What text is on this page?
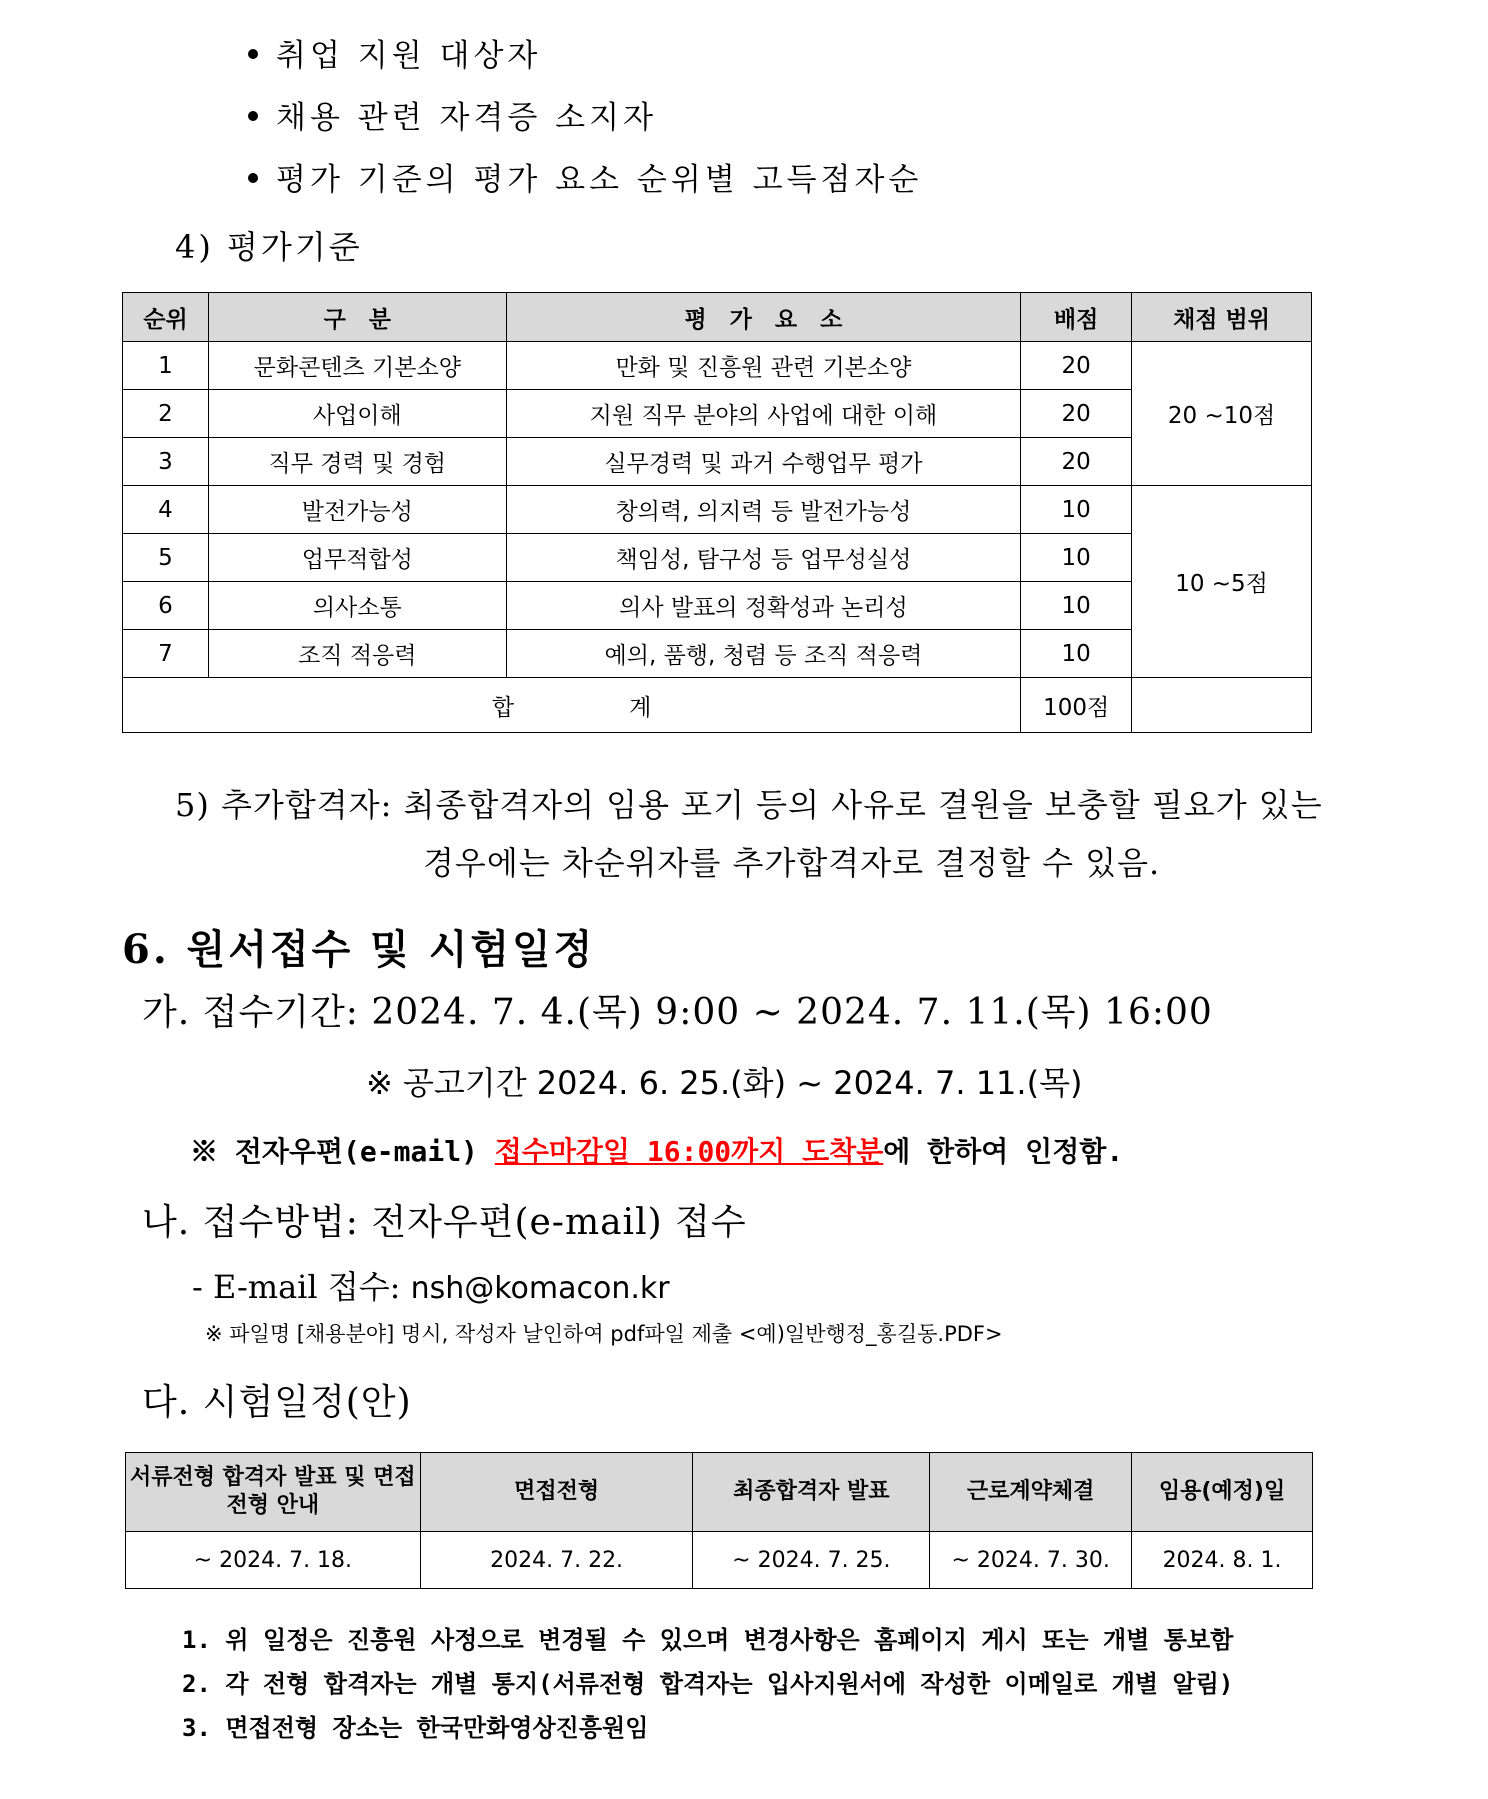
취업 지원 대상자
채용 관련 자격증 소지자
평가 기준의 평가 요소 순위별 고득점자순
4) 평가기준
순위	구　분	평　가　요　소	배점	채점 범위
1	문화콘텐츠 기본소양	만화 및 진흥원 관련 기본소양	20	20 ~10점
2	사업이해	지원 직무 분야의 사업에 대한 이해	20	
3	직무 경력 및 경험	실무경력 및 과거 수행업무 평가	20	
4	발전가능성	창의력, 의지력 등 발전가능성	10	10 ~5점
5	업무적합성	책임성, 탐구성 등 업무성실성	10	
6	의사소통	의사 발표의 정확성과 논리성	10	
7	조직 적응력	예의, 품행, 청렴 등 조직 적응력	10	
합　　　　　계			100점	
5) 추가합격자: 최종합격자의 임용 포기 등의 사유로 결원을 보충할 필요가 있는
경우에는 차순위자를 추가합격자로 결정할 수 있음.
6. 원서접수 및 시험일정
가. 접수기간: 2024. 7. 4.(목) 9:00 ~ 2024. 7. 11.(목) 16:00
※ 공고기간 2024. 6. 25.(화) ~ 2024. 7. 11.(목)
※ 전자우편(e-mail) 접수마감일 16:00까지 도착분에 한하여 인정함.
나. 접수방법: 전자우편(e-mail) 접수
- E-mail 접수: nsh@komacon.kr
※ 파일명 [채용분야] 명시, 작성자 날인하여 pdf파일 제출 <예)일반행정_홍길동.PDF>
다. 시험일정(안)
서류전형 합격자 발표 및 면접전형 안내	면접전형	최종합격자 발표	근로계약체결	임용(예정)일
~ 2024. 7. 18.	2024. 7. 22.	~ 2024. 7. 25.	~ 2024. 7. 30.	2024. 8. 1.
1. 위 일정은 진흥원 사정으로 변경될 수 있으며 변경사항은 홈페이지 게시 또는 개별 통보함
2. 각 전형 합격자는 개별 통지(서류전형 합격자는 입사지원서에 작성한 이메일로 개별 알림)
3. 면접전형 장소는 한국만화영상진흥원임
